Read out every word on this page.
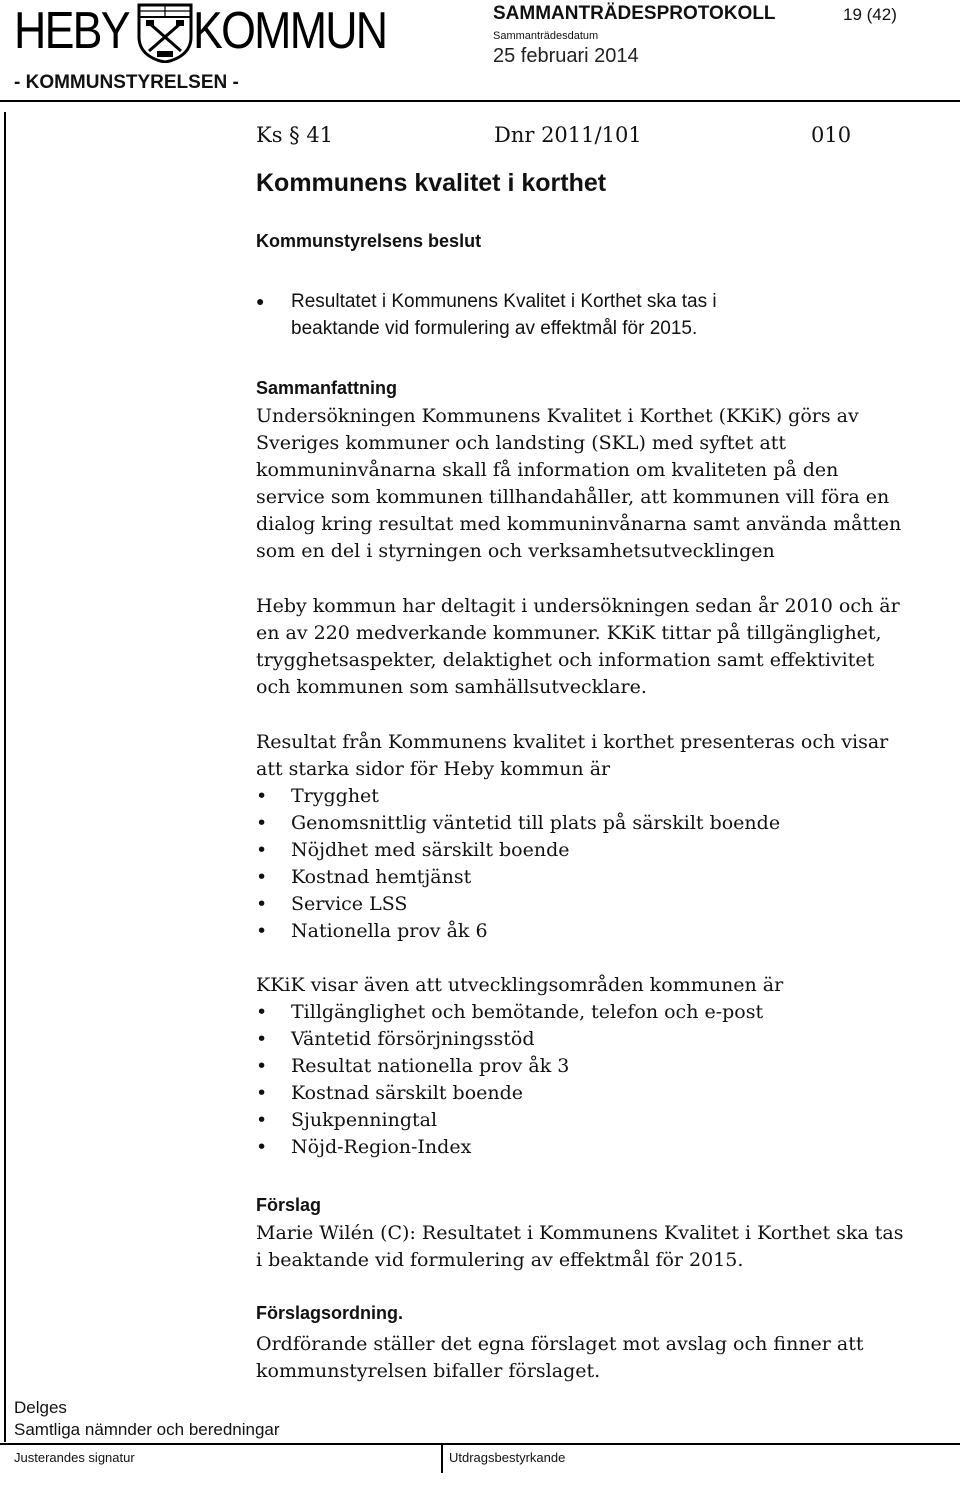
HEBY KOMMUN
- KOMMUNSTYRELSEN -
SAMMANTRÄDESPROTOKOLL	19 (42)
Sammanträdesdatum
25 februari 2014
Ks § 41	Dnr 2011/101	010
Kommunens kvalitet i korthet
Kommunstyrelsens beslut
●	Resultatet i Kommunens Kvalitet i Korthet ska tas i
beaktande vid formulering av effektmål för 2015.
Sammanfattning
Undersökningen Kommunens Kvalitet i Korthet (KKiK) görs av
Sveriges kommuner och landsting (SKL) med syftet att
kommuninvånarna skall få information om kvaliteten på den
service som kommunen tillhandahåller, att kommunen vill föra en
dialog kring resultat med kommuninvånarna samt använda måtten
som en del i styrningen och verksamhetsutvecklingen
Heby kommun har deltagit i undersökningen sedan år 2010 och är
en av 220 medverkande kommuner. KKiK tittar på tillgänglighet,
trygghetsaspekter, delaktighet och information samt effektivitet
och kommunen som samhällsutvecklare.
Resultat från Kommunens kvalitet i korthet presenteras och visar
att starka sidor för Heby kommun är
•	Trygghet
•	Genomsnittlig väntetid till plats på särskilt boende
•	Nöjdhet med särskilt boende
•	Kostnad hemtjänst
•	Service LSS
•	Nationella prov åk 6
KKiK visar även att utvecklingsområden kommunen är
•	Tillgänglighet och bemötande, telefon och e-post
•	Väntetid försörjningsstöd
•	Resultat nationella prov åk 3
•	Kostnad särskilt boende
•	Sjukpenningtal
•	Nöjd-Region-Index
Förslag
Marie Wilén (C): Resultatet i Kommunens Kvalitet i Korthet ska tas
i beaktande vid formulering av effektmål för 2015.
Förslagsordning.
Ordförande ställer det egna förslaget mot avslag och finner att
kommunstyrelsen bifaller förslaget.
Delges
Samtliga nämnder och beredningar
Justerandes signatur	Utdragsbestyrkande
